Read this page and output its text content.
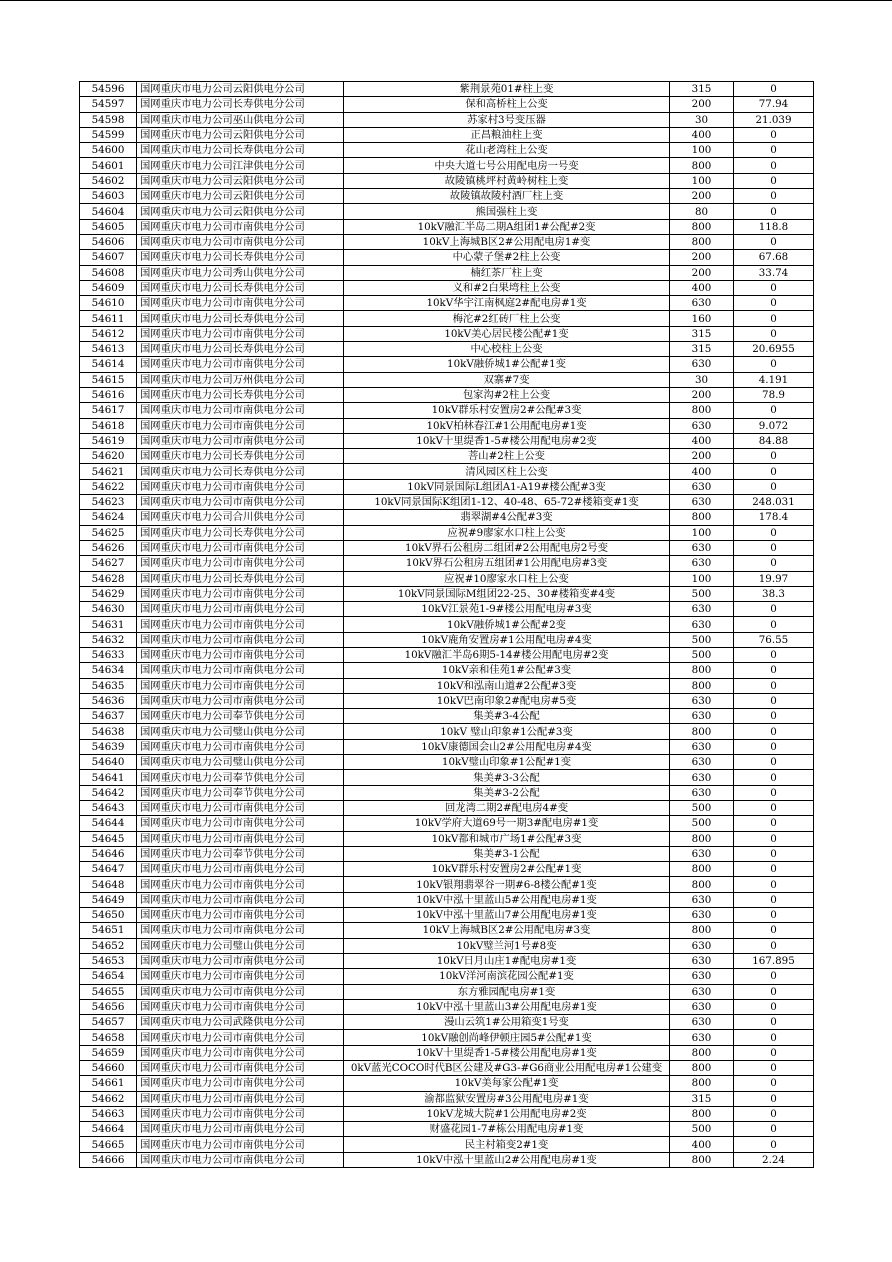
54596	国网重庆市电力公司云阳供电分公司	紫荆景苑01#柱上变	315	0
54597	国网重庆市电力公司长寿供电分公司	保和高桥柱上公变	200	77.94
54598	国网重庆市电力公司巫山供电分公司	苏家村3号变压器	30	21.039
54599	国网重庆市电力公司云阳供电分公司	正昌粮油柱上变	400	0
54600	国网重庆市电力公司长寿供电分公司	花山老湾柱上公变	100	0
54601	国网重庆市电力公司江津供电分公司	中央大道七号公用配电房一号变	800	0
54602	国网重庆市电力公司云阳供电分公司	故陵镇桃坪村黄岭树柱上变	100	0
54603	国网重庆市电力公司云阳供电分公司	故陵镇故陵村酒厂柱上变	200	0
54604	国网重庆市电力公司云阳供电分公司	熊国强柱上变	80	0
54605	国网重庆市电力公司市南供电分公司	10kV融汇半岛二期A组团1#公配#2变	800	118.8
54606	国网重庆市电力公司市南供电分公司	10kV上海城B区2#公用配电房1#变	800	0
54607	国网重庆市电力公司长寿供电分公司	中心蒙子堡#2柱上公变	200	67.68
54608	国网重庆市电力公司秀山供电分公司	楠红茶厂柱上变	200	33.74
54609	国网重庆市电力公司长寿供电分公司	义和#2白果塆柱上公变	400	0
54610	国网重庆市电力公司市南供电分公司	10kV华宇江南枫庭2#配电房#1变	630	0
54611	国网重庆市电力公司长寿供电分公司	梅沱#2红砖厂柱上公变	160	0
54612	国网重庆市电力公司市南供电分公司	10kV美心居民楼公配#1变	315	0
54613	国网重庆市电力公司长寿供电分公司	中心校柱上公变	315	20.6955
54614	国网重庆市电力公司市南供电分公司	10kV融侨城1#公配#1变	630	0
54615	国网重庆市电力公司万州供电分公司	双寨#7变	30	4.191
54616	国网重庆市电力公司长寿供电分公司	包家沟#2柱上公变	200	78.9
54617	国网重庆市电力公司市南供电分公司	10kV群乐村安置房2#公配#3变	800	0
54618	国网重庆市电力公司市南供电分公司	10kV柏林春江#1公用配电房#1变	630	9.072
54619	国网重庆市电力公司市南供电分公司	10kV十里缇香1-5#楼公用配电房#2变	400	84.88
54620	国网重庆市电力公司长寿供电分公司	菩山#2柱上公变	200	0
54621	国网重庆市电力公司长寿供电分公司	清风园区柱上公变	400	0
54622	国网重庆市电力公司市南供电分公司	10kV同景国际L组团A1-A19#楼公配#3变	630	0
54623	国网重庆市电力公司市南供电分公司	10kV同景国际K组团1-12、40-48、65-72#楼箱变#1变	630	248.031
54624	国网重庆市电力公司合川供电分公司	翡翠湖#4公配#3变	800	178.4
54625	国网重庆市电力公司长寿供电分公司	应祝#9廖家水口柱上公变	100	0
54626	国网重庆市电力公司市南供电分公司	10kV界石公租房二组团#2公用配电房2号变	630	0
54627	国网重庆市电力公司市南供电分公司	10kV界石公租房五组团#1公用配电房#3变	630	0
54628	国网重庆市电力公司长寿供电分公司	应祝#10廖家水口柱上公变	100	19.97
54629	国网重庆市电力公司市南供电分公司	10kV同景国际M组团22-25、30#楼箱变#4变	500	38.3
54630	国网重庆市电力公司市南供电分公司	10kV江景苑1-9#楼公用配电房#3变	630	0
54631	国网重庆市电力公司市南供电分公司	10kV融侨城1#公配#2变	630	0
54632	国网重庆市电力公司市南供电分公司	10kV鹿角安置房#1公用配电房#4变	500	76.55
54633	国网重庆市电力公司市南供电分公司	10kV融汇半岛6期5-14#楼公用配电房#2变	500	0
54634	国网重庆市电力公司市南供电分公司	10kV亲和佳苑1#公配#3变	800	0
54635	国网重庆市电力公司市南供电分公司	10kV和泓南山道#2公配#3变	800	0
54636	国网重庆市电力公司市南供电分公司	10kV巴南印象2#配电房#5变	630	0
54637	国网重庆市电力公司奉节供电分公司	集美#3-4公配	630	0
54638	国网重庆市电力公司璧山供电分公司	10kV 璧山印象#1公配#3变	800	0
54639	国网重庆市电力公司市南供电分公司	10kV康德国会山2#公用配电房#4变	630	0
54640	国网重庆市电力公司璧山供电分公司	10kV璧山印象#1公配#1变	630	0
54641	国网重庆市电力公司奉节供电分公司	集美#3-3公配	630	0
54642	国网重庆市电力公司奉节供电分公司	集美#3-2公配	630	0
54643	国网重庆市电力公司市南供电分公司	回龙湾二期2#配电房4#变	500	0
54644	国网重庆市电力公司市南供电分公司	10kV学府大道69号一期3#配电房#1变	500	0
54645	国网重庆市电力公司市南供电分公司	10kV都和城市广场1#公配#3变	800	0
54646	国网重庆市电力公司奉节供电分公司	集美#3-1公配	630	0
54647	国网重庆市电力公司市南供电分公司	10kV群乐村安置房2#公配#1变	800	0
54648	国网重庆市电力公司市南供电分公司	10kV银翔翡翠谷一期#6-8楼公配#1变	800	0
54649	国网重庆市电力公司市南供电分公司	10kV中泓十里蓝山5#公用配电房#1变	630	0
54650	国网重庆市电力公司市南供电分公司	10kV中泓十里蓝山7#公用配电房#1变	630	0
54651	国网重庆市电力公司市南供电分公司	10kV上海城B区2#公用配电房#3变	800	0
54652	国网重庆市电力公司璧山供电分公司	10kV璧兰河1号#8变	630	0
54653	国网重庆市电力公司市南供电分公司	10kV日月山庄1#配电房#1变	630	167.895
54654	国网重庆市电力公司市南供电分公司	10kV洋河南滨花园公配#1变	630	0
54655	国网重庆市电力公司市南供电分公司	东方雅园配电房#1变	630	0
54656	国网重庆市电力公司市南供电分公司	10kV中泓十里蓝山3#公用配电房#1变	630	0
54657	国网重庆市电力公司武隆供电分公司	漫山云筑1#公用箱变1号变	630	0
54658	国网重庆市电力公司市南供电分公司	10kV融创尚峰伊顿庄园5#公配#1变	630	0
54659	国网重庆市电力公司市南供电分公司	10kV十里缇香1-5#楼公用配电房#1变	800	0
54660	国网重庆市电力公司市南供电分公司	0kV蓝光COCO时代B区公建及#G3-#G6商业公用配电房#1公建变	800	0
54661	国网重庆市电力公司市南供电分公司	10kV美每家公配#1变	800	0
54662	国网重庆市电力公司市南供电分公司	渝都监狱安置房#3公用配电房#1变	315	0
54663	国网重庆市电力公司市南供电分公司	10kV龙城大院#1公用配电房#2变	800	0
54664	国网重庆市电力公司市南供电分公司	财盛花园1-7#栋公用配电房#1变	500	0
54665	国网重庆市电力公司市南供电分公司	民主村箱变2#1变	400	0
54666	国网重庆市电力公司市南供电分公司	10kV中泓十里蓝山2#公用配电房#1变	800	2.24
